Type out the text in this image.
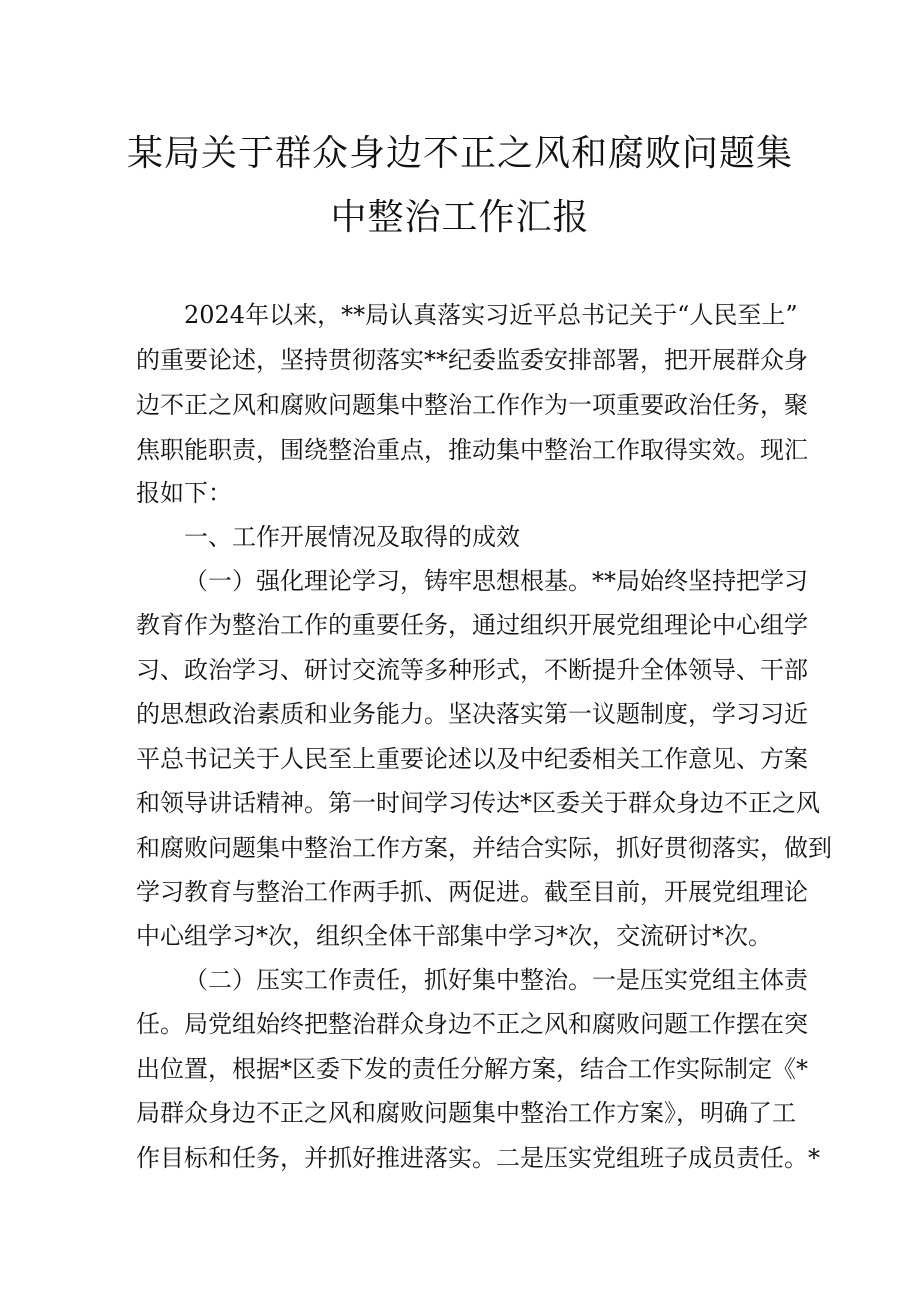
某局关于群众身边不正之风和腐败问题集
中整治工作汇报

2024年以来，**局认真落实习近平总书记关于“人民至上”

的重要论述，坚持贯彻落实**纪委监委安排部署，把开展群众身

边不正之风和腐败问题集中整治工作作为一项重要政治任务，聚

焦职能职责，围绕整治重点，推动集中整治工作取得实效。现汇

报如下：

一、工作开展情况及取得的成效

（一）强化理论学习，铸牢思想根基。**局始终坚持把学习

教育作为整治工作的重要任务，通过组织开展党组理论中心组学

习、政治学习、研讨交流等多种形式，不断提升全体领导、干部

的思想政治素质和业务能力。坚决落实第一议题制度，学习习近

平总书记关于人民至上重要论述以及中纪委相关工作意见、方案

和领导讲话精神。第一时间学习传达*区委关于群众身边不正之风

和腐败问题集中整治工作方案，并结合实际，抓好贯彻落实，做到

学习教育与整治工作两手抓、两促进。截至目前，开展党组理论

中心组学习*次，组织全体干部集中学习*次，交流研讨*次。

（二）压实工作责任，抓好集中整治。一是压实党组主体责

任。局党组始终把整治群众身边不正之风和腐败问题工作摆在突

出位置，根据*区委下发的责任分解方案，结合工作实际制定《*

局群众身边不正之风和腐败问题集中整治工作方案》，明确了工

作目标和任务，并抓好推进落实。二是压实党组班子成员责任。*
